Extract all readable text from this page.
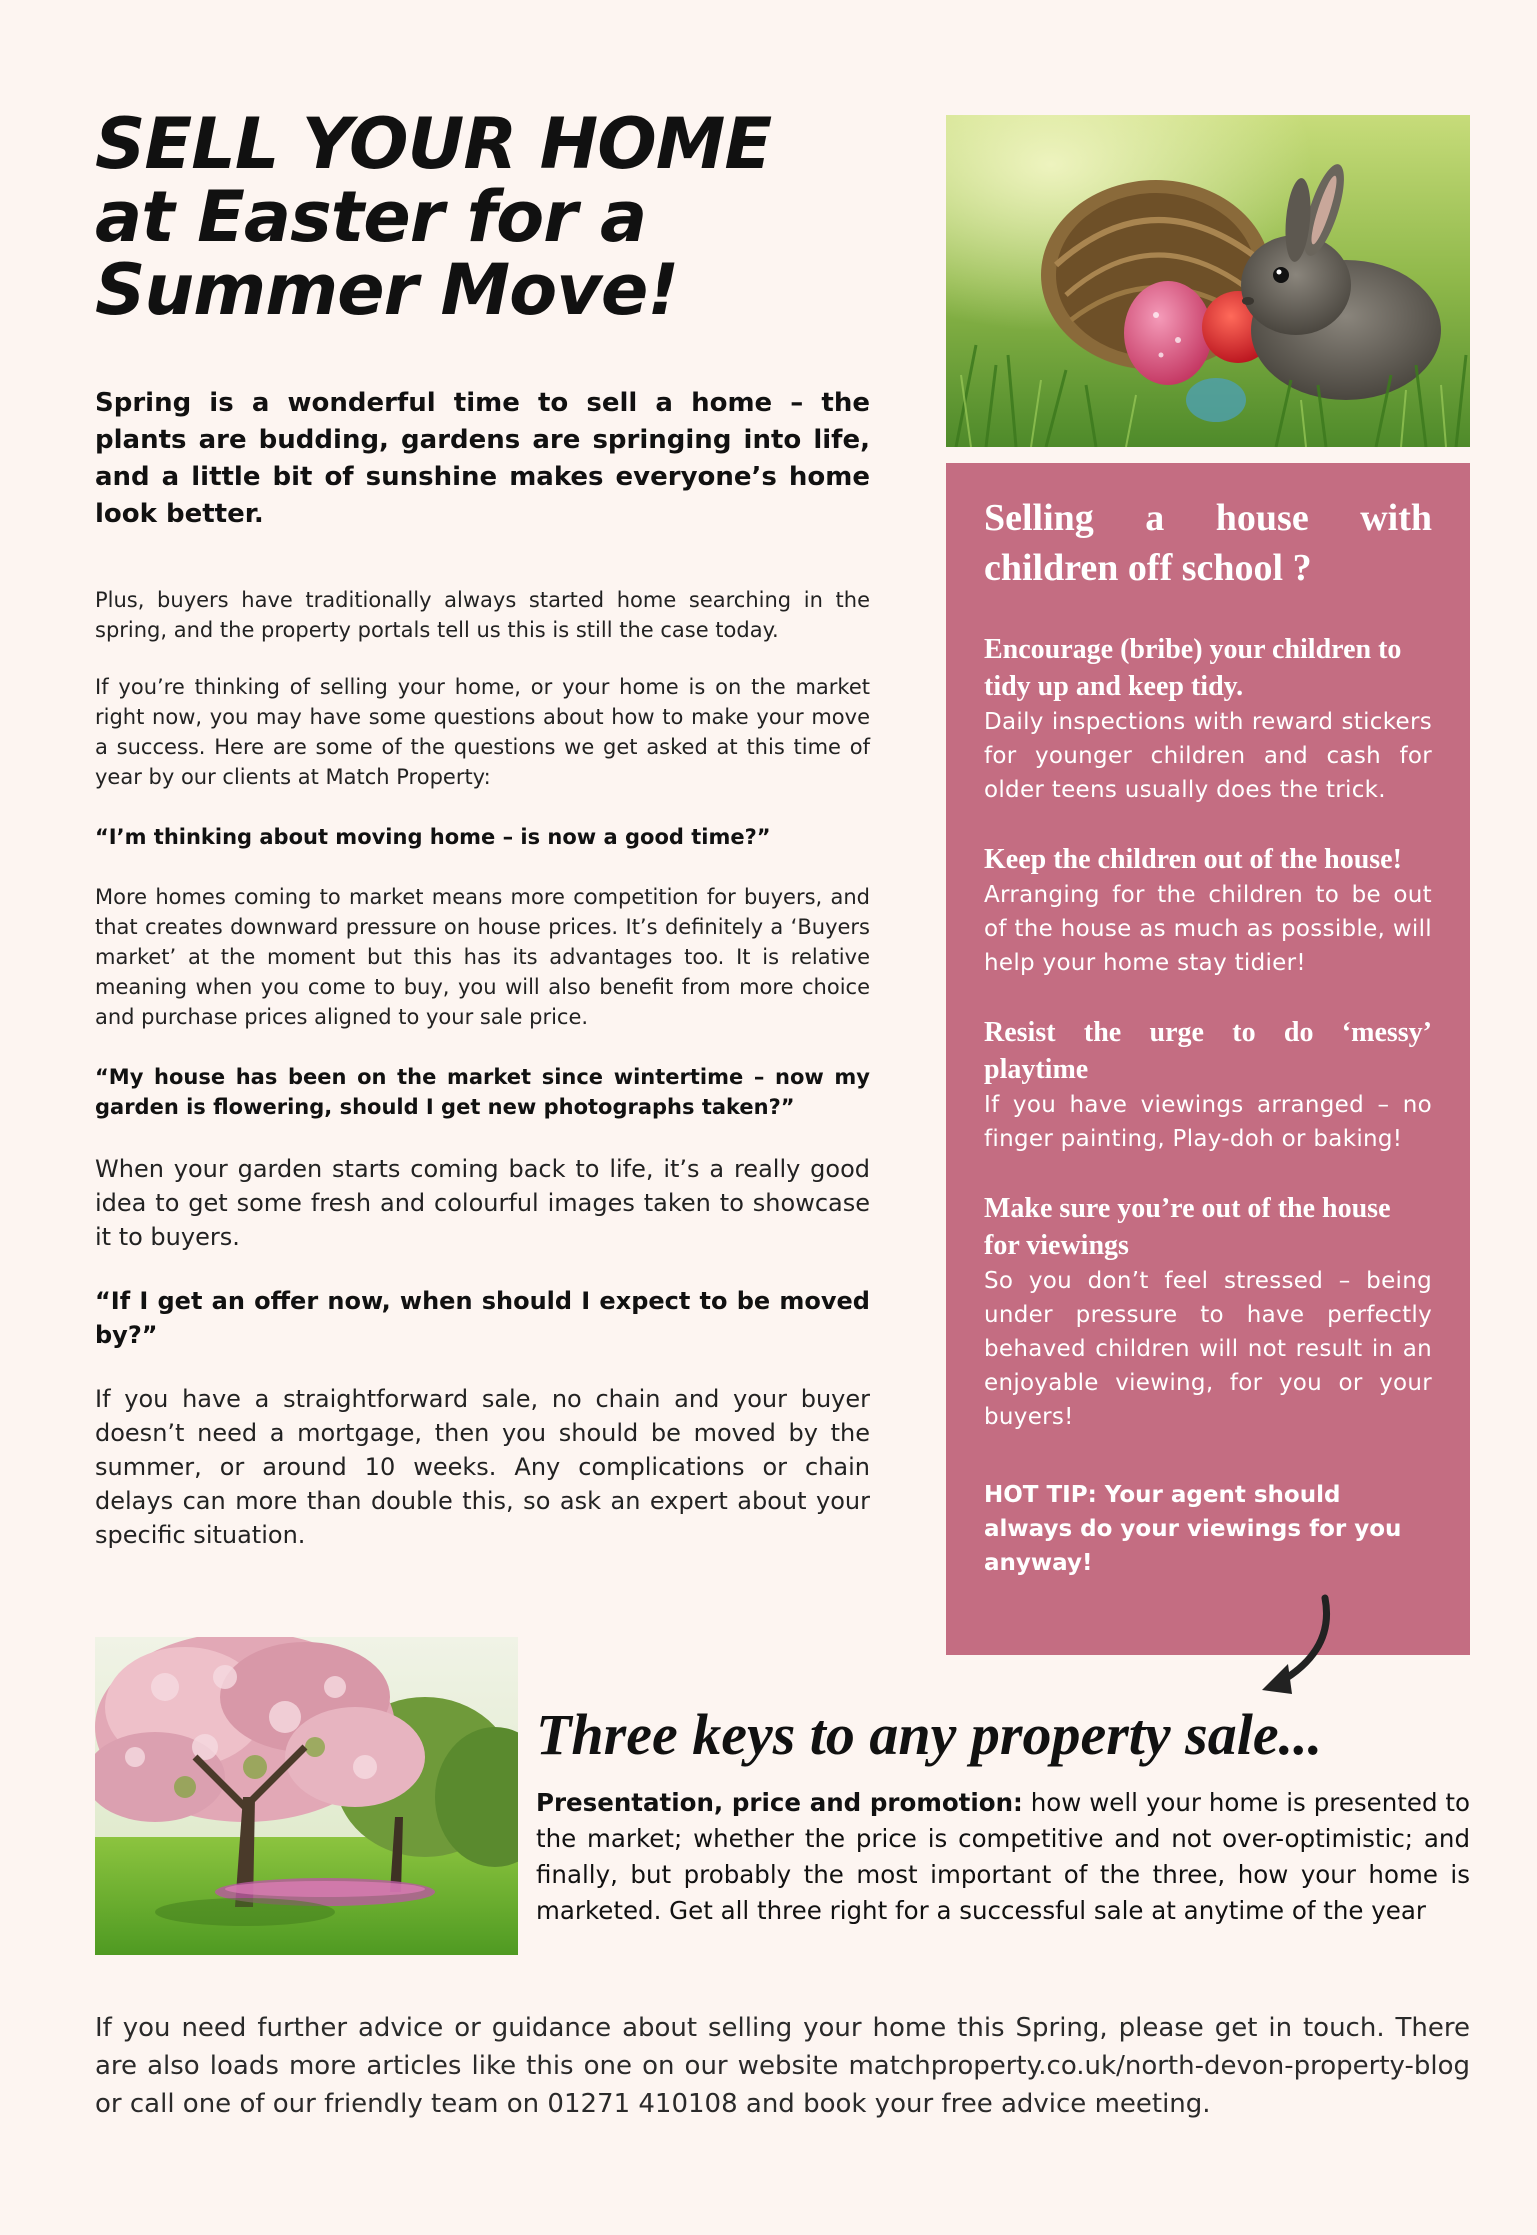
SELL YOUR HOME
at Easter for a
Summer Move!

Spring is a wonderful time to sell a home – the plants are budding, gardens are springing into life, and a little bit of sunshine makes everyone’s home look better.

Plus, buyers have traditionally always started home searching in the spring, and the property portals tell us this is still the case today.

If you’re thinking of selling your home, or your home is on the market right now, you may have some questions about how to make your move a success. Here are some of the questions we get asked at this time of year by our clients at Match Property:

“I’m thinking about moving home – is now a good time?”

More homes coming to market means more competition for buyers, and that creates downward pressure on house prices. It’s definitely a ‘Buyers market’ at the moment but this has its advantages too. It is relative meaning when you come to buy, you will also benefit from more choice and purchase prices aligned to your sale price.

“My house has been on the market since wintertime – now my garden is flowering, should I get new photographs taken?”

When your garden starts coming back to life, it’s a really good idea to get some fresh and colourful images taken to showcase it to buyers.

“If I get an offer now, when should I expect to be moved by?”

If you have a straightforward sale, no chain and your buyer doesn’t need a mortgage, then you should be moved by the summer, or around 10 weeks. Any complications or chain delays can more than double this, so ask an expert about your specific situation.

Selling a house with children off school ?

Encourage (bribe) your children to tidy up and keep tidy.

Daily inspections with reward stickers for younger children and cash for older teens usually does the trick.

Keep the children out of the house!

Arranging for the children to be out of the house as much as possible, will help your home stay tidier!

Resist the urge to do ‘messy’ playtime

If you have viewings arranged – no finger painting, Play-doh or baking!

Make sure you’re out of the house for viewings

So you don’t feel stressed – being under pressure to have perfectly behaved children will not result in an enjoyable viewing, for you or your buyers!

HOT TIP: Your agent should always do your viewings for you anyway!

Three keys to any property sale...

Presentation, price and promotion: how well your home is presented to the market; whether the price is competitive and not over-optimistic; and finally, but probably the most important of the three, how your home is marketed. Get all three right for a successful sale at anytime of the year

If you need further advice or guidance about selling your home this Spring, please get in touch. There are also loads more articles like this one on our website matchproperty.co.uk/north-devon-property-blog or call one of our friendly team on 01271 410108 and book your free advice meeting.
